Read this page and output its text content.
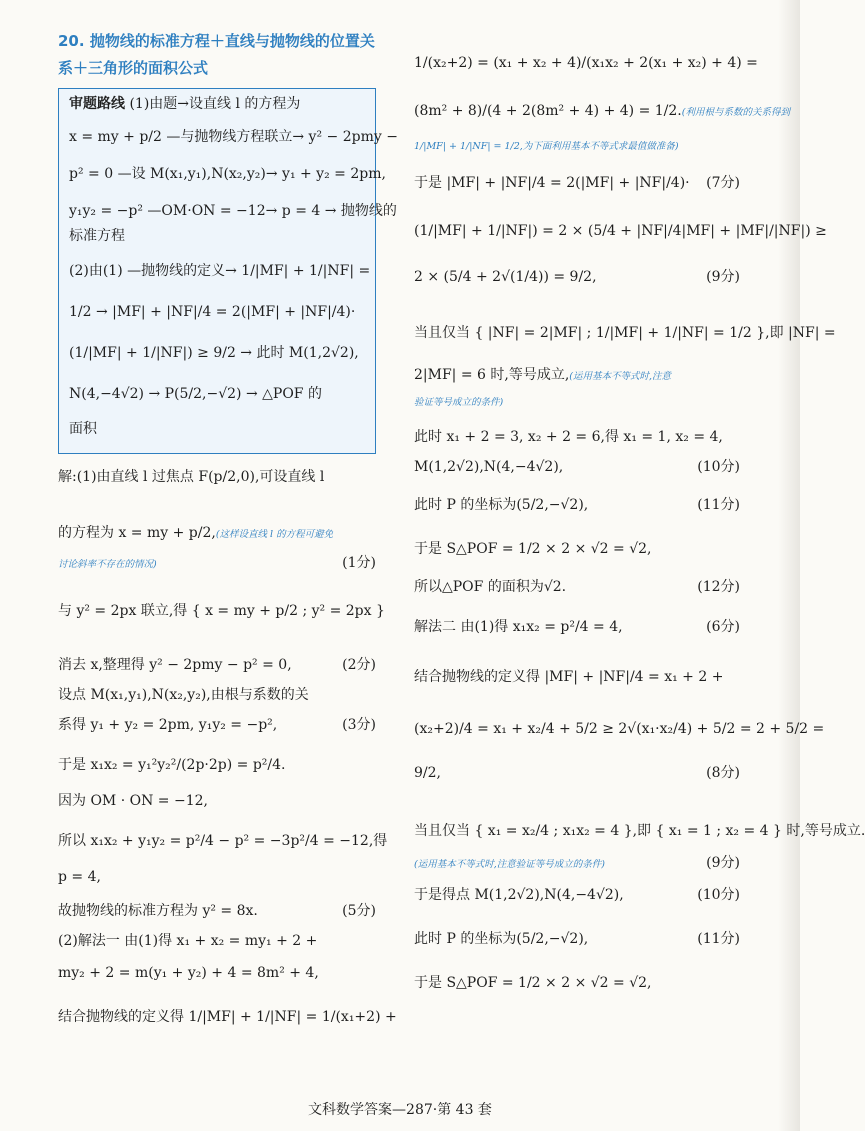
20. 抛物线的标准方程＋直线与抛物线的位置关
系＋三角形的面积公式
审题路线 (1)由题→设直线 l 的方程为
x = my + p/2 —与抛物线方程联立→ y² − 2pmy −
p² = 0 —设 M(x₁,y₁),N(x₂,y₂)→ y₁ + y₂ = 2pm,
y₁y₂ = −p² —OM·ON = −12→ p = 4 → 抛物线的
标准方程
(2)由(1) —抛物线的定义→ 1/|MF| + 1/|NF| =
1/2 → |MF| + |NF|/4 = 2(|MF| + |NF|/4)·
(1/|MF| + 1/|NF|) ≥ 9/2 → 此时 M(1,2√2),
N(4,−4√2) → P(5/2,−√2) → △POF 的
面积
解:(1)由直线 l 过焦点 F(p/2,0),可设直线 l
的方程为 x = my + p/2,(这样设直线 l 的方程可避免
讨论斜率不存在的情况)	(1分)
与 y² = 2px 联立,得 { x = my + p/2 ; y² = 2px }
消去 x,整理得 y² − 2pmy − p² = 0,	(2分)
设点 M(x₁,y₁),N(x₂,y₂),由根与系数的关
系得 y₁ + y₂ = 2pm, y₁y₂ = −p²,	(3分)
于是 x₁x₂ = y₁²y₂²/(2p·2p) = p²/4.
因为 OM · ON = −12,
所以 x₁x₂ + y₁y₂ = p²/4 − p² = −3p²/4 = −12,得
p = 4,
故抛物线的标准方程为 y² = 8x.	(5分)
(2)解法一 由(1)得 x₁ + x₂ = my₁ + 2 +
my₂ + 2 = m(y₁ + y₂) + 4 = 8m² + 4,
结合抛物线的定义得 1/|MF| + 1/|NF| = 1/(x₁+2) +
1/(x₂+2) = (x₁ + x₂ + 4)/(x₁x₂ + 2(x₁ + x₂) + 4) =
(8m² + 8)/(4 + 2(8m² + 4) + 4) = 1/2.(利用根与系数的关系得到
1/|MF| + 1/|NF| = 1/2,为下面利用基本不等式求最值做准备)
(7分)
于是 |MF| + |NF|/4 = 2(|MF| + |NF|/4)·
(1/|MF| + 1/|NF|) = 2 × (5/4 + |NF|/4|MF| + |MF|/|NF|) ≥
2 × (5/4 + 2√(1/4)) = 9/2,	(9分)
当且仅当 { |NF| = 2|MF| ; 1/|MF| + 1/|NF| = 1/2 },即 |NF| =
2|MF| = 6 时,等号成立,(运用基本不等式时,注意
验证等号成立的条件)
此时 x₁ + 2 = 3, x₂ + 2 = 6,得 x₁ = 1, x₂ = 4,
M(1,2√2),N(4,−4√2),	(10分)
此时 P 的坐标为(5/2,−√2),	(11分)
于是 S△POF = 1/2 × 2 × √2 = √2,
所以△POF 的面积为√2.	(12分)
解法二 由(1)得 x₁x₂ = p²/4 = 4,	(6分)
结合抛物线的定义得 |MF| + |NF|/4 = x₁ + 2 +
(x₂+2)/4 = x₁ + x₂/4 + 5/2 ≥ 2√(x₁·x₂/4) + 5/2 = 2 + 5/2 =
9/2,	(8分)
当且仅当 { x₁ = x₂/4 ; x₁x₂ = 4 },即 { x₁ = 1 ; x₂ = 4 } 时,等号成立.
(运用基本不等式时,注意验证等号成立的条件)	(9分)
于是得点 M(1,2√2),N(4,−4√2),	(10分)
此时 P 的坐标为(5/2,−√2),	(11分)
于是 S△POF = 1/2 × 2 × √2 = √2,
文科数学答案—287·第 43 套
